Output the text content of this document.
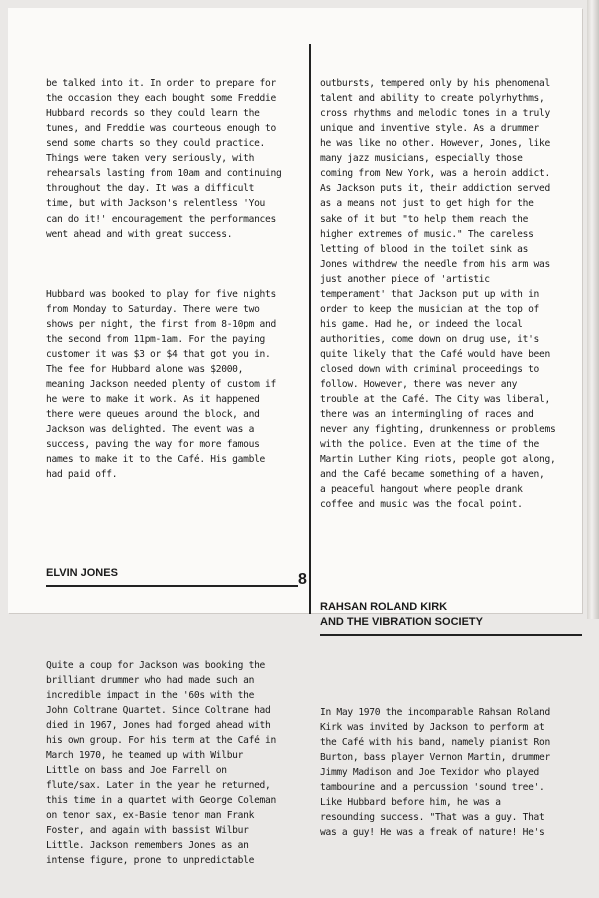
be talked into it. In order to prepare for
the occasion they each bought some Freddie
Hubbard records so they could learn the
tunes, and Freddie was courteous enough to
send some charts so they could practice.
Things were taken very seriously, with
rehearsals lasting from 10am and continuing
throughout the day. It was a difficult
time, but with Jackson's relentless 'You
can do it!' encouragement the performances
went ahead and with great success.

Hubbard was booked to play for five nights
from Monday to Saturday. There were two
shows per night, the first from 8-10pm and
the second from 11pm-1am. For the paying
customer it was $3 or $4 that got you in.
The fee for Hubbard alone was $2000,
meaning Jackson needed plenty of custom if
he were to make it work. As it happened
there were queues around the block, and
Jackson was delighted. The event was a
success, paving the way for more famous
names to make it to the Café. His gamble
had paid off.

ELVIN JONES

Quite a coup for Jackson was booking the
brilliant drummer who had made such an
incredible impact in the '60s with the
John Coltrane Quartet. Since Coltrane had
died in 1967, Jones had forged ahead with
his own group. For his term at the Café in
March 1970, he teamed up with Wilbur
Little on bass and Joe Farrell on
flute/sax. Later in the year he returned,
this time in a quartet with George Coleman
on tenor sax, ex-Basie tenor man Frank
Foster, and again with bassist Wilbur
Little. Jackson remembers Jones as an
intense figure, prone to unpredictable

outbursts, tempered only by his phenomenal
talent and ability to create polyrhythms,
cross rhythms and melodic tones in a truly
unique and inventive style. As a drummer
he was like no other. However, Jones, like
many jazz musicians, especially those
coming from New York, was a heroin addict.
As Jackson puts it, their addiction served
as a means not just to get high for the
sake of it but "to help them reach the
higher extremes of music." The careless
letting of blood in the toilet sink as
Jones withdrew the needle from his arm was
just another piece of 'artistic
temperament' that Jackson put up with in
order to keep the musician at the top of
his game. Had he, or indeed the local
authorities, come down on drug use, it's
quite likely that the Café would have been
closed down with criminal proceedings to
follow. However, there was never any
trouble at the Café. The City was liberal,
there was an intermingling of races and
never any fighting, drunkenness or problems
with the police. Even at the time of the
Martin Luther King riots, people got along,
and the Café became something of a haven,
a peaceful hangout where people drank
coffee and music was the focal point.

RAHSAN ROLAND KIRK
AND THE VIBRATION SOCIETY

In May 1970 the incomparable Rahsan Roland
Kirk was invited by Jackson to perform at
the Café with his band, namely pianist Ron
Burton, bass player Vernon Martin, drummer
Jimmy Madison and Joe Texidor who played
tambourine and a percussion 'sound tree'.
Like Hubbard before him, he was a
resounding success. "That was a guy. That
was a guy! He was a freak of nature! He's

8
